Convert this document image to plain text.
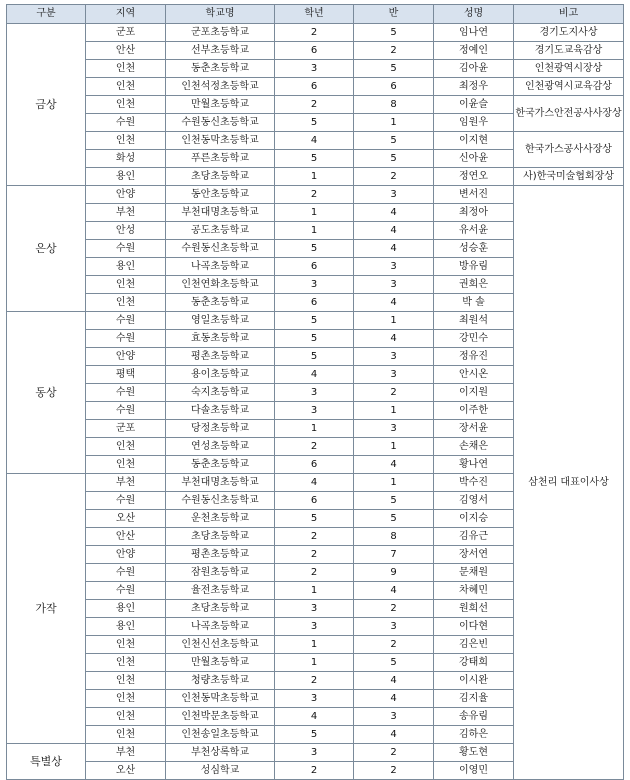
구분	지역	학교명	학년	반	성명	비고
금상	군포	군포초등학교	2	5	임나연	경기도지사상
	안산	선부초등학교	6	2	정예인	경기도교육감상
	인천	동춘초등학교	3	5	김아윤	인천광역시장상
	인천	인천석정초등학교	6	6	최정우	인천광역시교육감상
	인천	만월초등학교	2	8	이윤슬	한국가스안전공사사장상
	수원	수원동신초등학교	5	1	임원우	
	인천	인천동막초등학교	4	5	이지현	한국가스공사사장상
	화성	푸른초등학교	5	5	신아윤	
	용인	초당초등학교	1	2	정연오	사)한국미술협회장상
은상	안양	동안초등학교	2	3	변서진	삼천리 대표이사상
	부천	부천대명초등학교	1	4	최정아	
	안성	공도초등학교	1	4	유서윤	
	수원	수원동신초등학교	5	4	성승훈	
	용인	나곡초등학교	6	3	방유림	
	인천	인천연화초등학교	3	3	권희은	
	인천	동춘초등학교	6	4	박 솔	
동상	수원	영일초등학교	5	1	최원석	
	수원	효동초등학교	5	4	강민수	
	안양	평촌초등학교	5	3	정유진	
	평택	용이초등학교	4	3	안시온	
	수원	숙지초등학교	3	2	이지원	
	수원	다솔초등학교	3	1	이주한	
	군포	당정초등학교	1	3	장서윤	
	인천	연성초등학교	2	1	손채은	
	인천	동춘초등학교	6	4	황나연	
가작	부천	부천대명초등학교	4	1	박수진	
	수원	수원동신초등학교	6	5	김영서	
	오산	운천초등학교	5	5	이지승	
	안산	초당초등학교	2	8	김유근	
	안양	평촌초등학교	2	7	장서연	
	수원	잠원초등학교	2	9	문채원	
	수원	율전초등학교	1	4	차혜민	
	용인	초당초등학교	3	2	원희선	
	용인	나곡초등학교	3	3	이다현	
	인천	인천신선초등학교	1	2	김은빈	
	인천	만월초등학교	1	5	강태희	
	인천	청량초등학교	2	4	이시완	
	인천	인천동막초등학교	3	4	김지율	
	인천	인천박문초등학교	4	3	송유림	
	인천	인천송일초등학교	5	4	김하은	
특별상	부천	부천상록학교	3	2	황도현	
	오산	성심학교	2	2	이영민	
